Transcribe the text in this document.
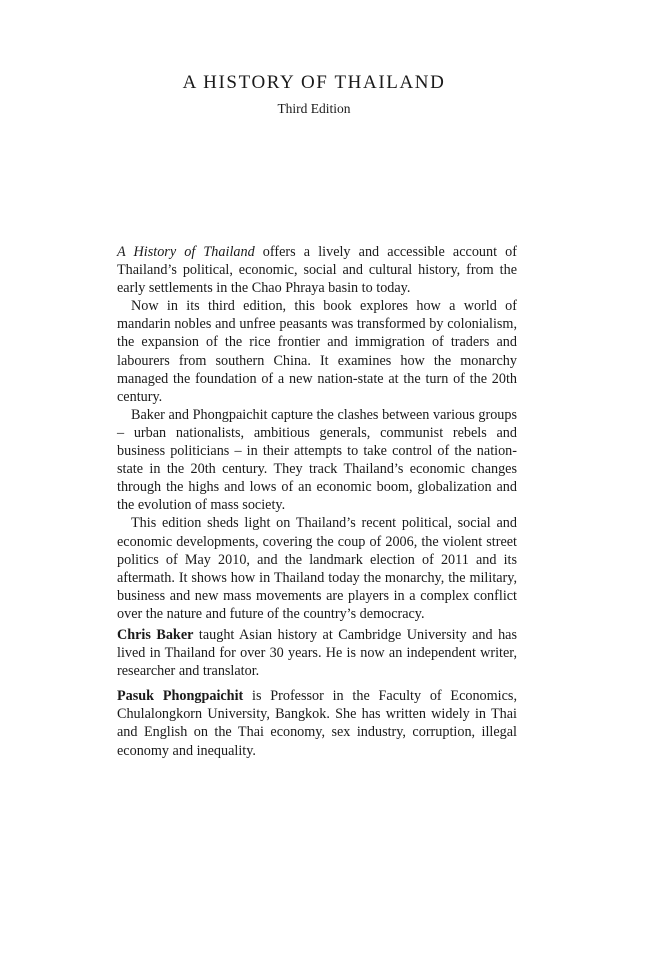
A HISTORY OF THAILAND
Third Edition

A History of Thailand offers a lively and accessible account of Thailand’s political, economic, social and cultural history, from the early settlements in the Chao Phraya basin to today.

Now in its third edition, this book explores how a world of mandarin nobles and unfree peasants was transformed by colonialism, the expansion of the rice frontier and immigration of traders and labourers from southern China. It examines how the monarchy managed the foundation of a new nation-state at the turn of the 20th century.

Baker and Phongpaichit capture the clashes between various groups – urban nationalists, ambitious generals, communist rebels and business politicians – in their attempts to take control of the nation-state in the 20th century. They track Thailand’s economic changes through the highs and lows of an economic boom, globalization and the evolution of mass society.

This edition sheds light on Thailand’s recent political, social and economic developments, covering the coup of 2006, the violent street politics of May 2010, and the landmark election of 2011 and its aftermath. It shows how in Thailand today the monarchy, the military, business and new mass movements are players in a complex conflict over the nature and future of the country’s democracy.

Chris Baker taught Asian history at Cambridge University and has lived in Thailand for over 30 years. He is now an independent writer, researcher and translator.

Pasuk Phongpaichit is Professor in the Faculty of Economics, Chulalongkorn University, Bangkok. She has written widely in Thai and English on the Thai economy, sex industry, corruption, illegal economy and inequality.
